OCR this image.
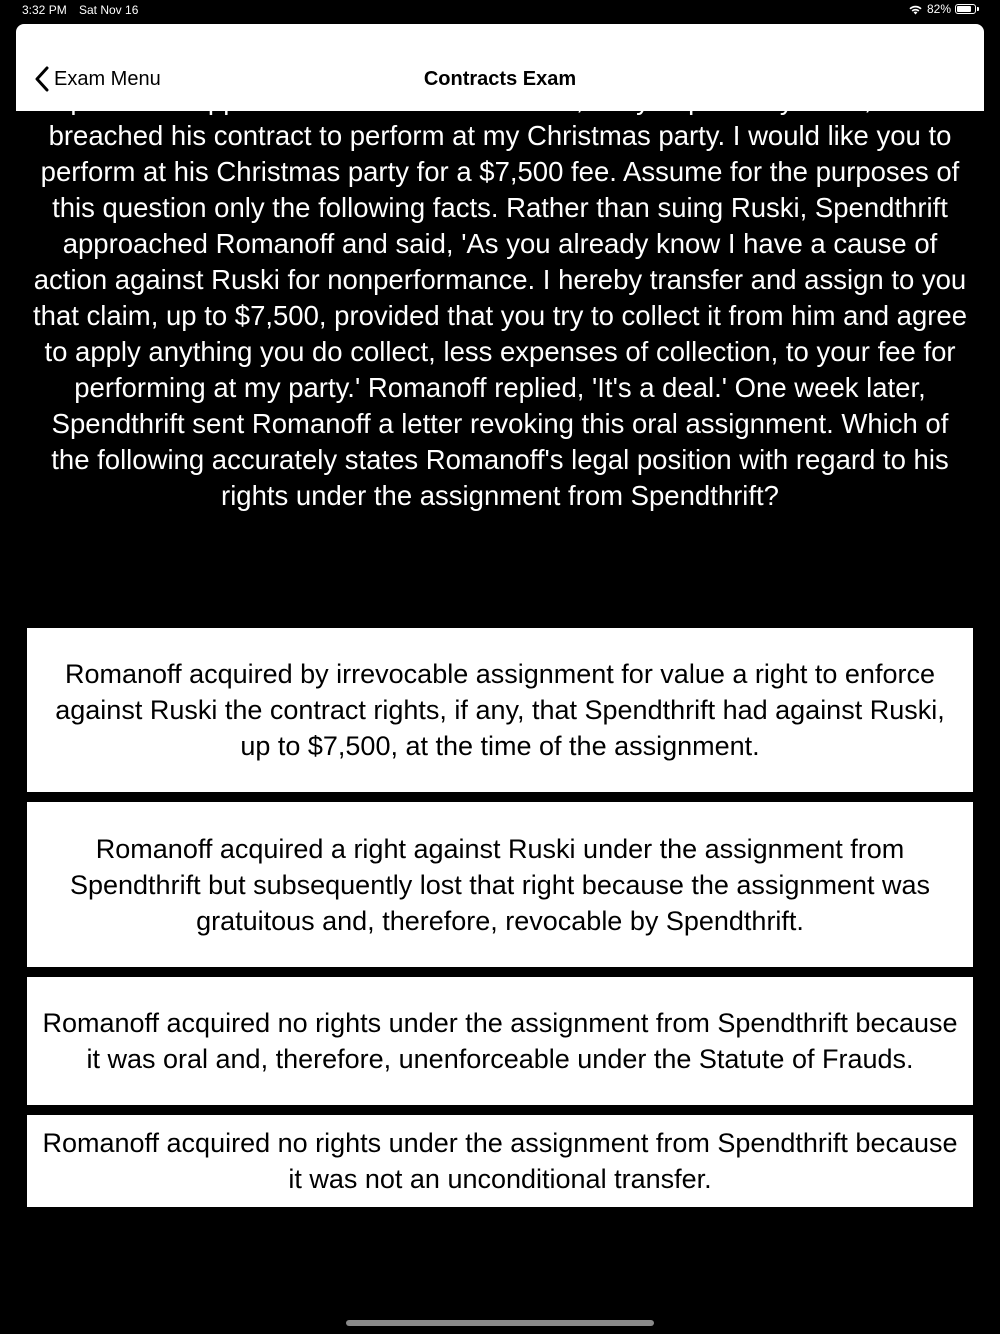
3:32 PM Sat Nov 16	82%

breached his contract to perform at my Christmas party. I would like you to perform at his Christmas party for a $7,500 fee. Assume for the purposes of this question only the following facts. Rather than suing Ruski, Spendthrift approached Romanoff and said, 'As you already know I have a cause of action against Ruski for nonperformance. I hereby transfer and assign to you that claim, up to $7,500, provided that you try to collect it from him and agree to apply anything you do collect, less expenses of collection, to your fee for performing at my party.' Romanoff replied, 'It's a deal.' One week later, Spendthrift sent Romanoff a letter revoking this oral assignment. Which of the following accurately states Romanoff's legal position with regard to his rights under the assignment from Spendthrift?

Exam Menu	Contracts Exam
Romanoff acquired by irrevocable assignment for value a right to enforce against Ruski the contract rights, if any, that Spendthrift had against Ruski, up to $7,500, at the time of the assignment.
Romanoff acquired a right against Ruski under the assignment from Spendthrift but subsequently lost that right because the assignment was gratuitous and, therefore, revocable by Spendthrift.
Romanoff acquired no rights under the assignment from Spendthrift because it was oral and, therefore, unenforceable under the Statute of Frauds.
Romanoff acquired no rights under the assignment from Spendthrift because it was not an unconditional transfer.
